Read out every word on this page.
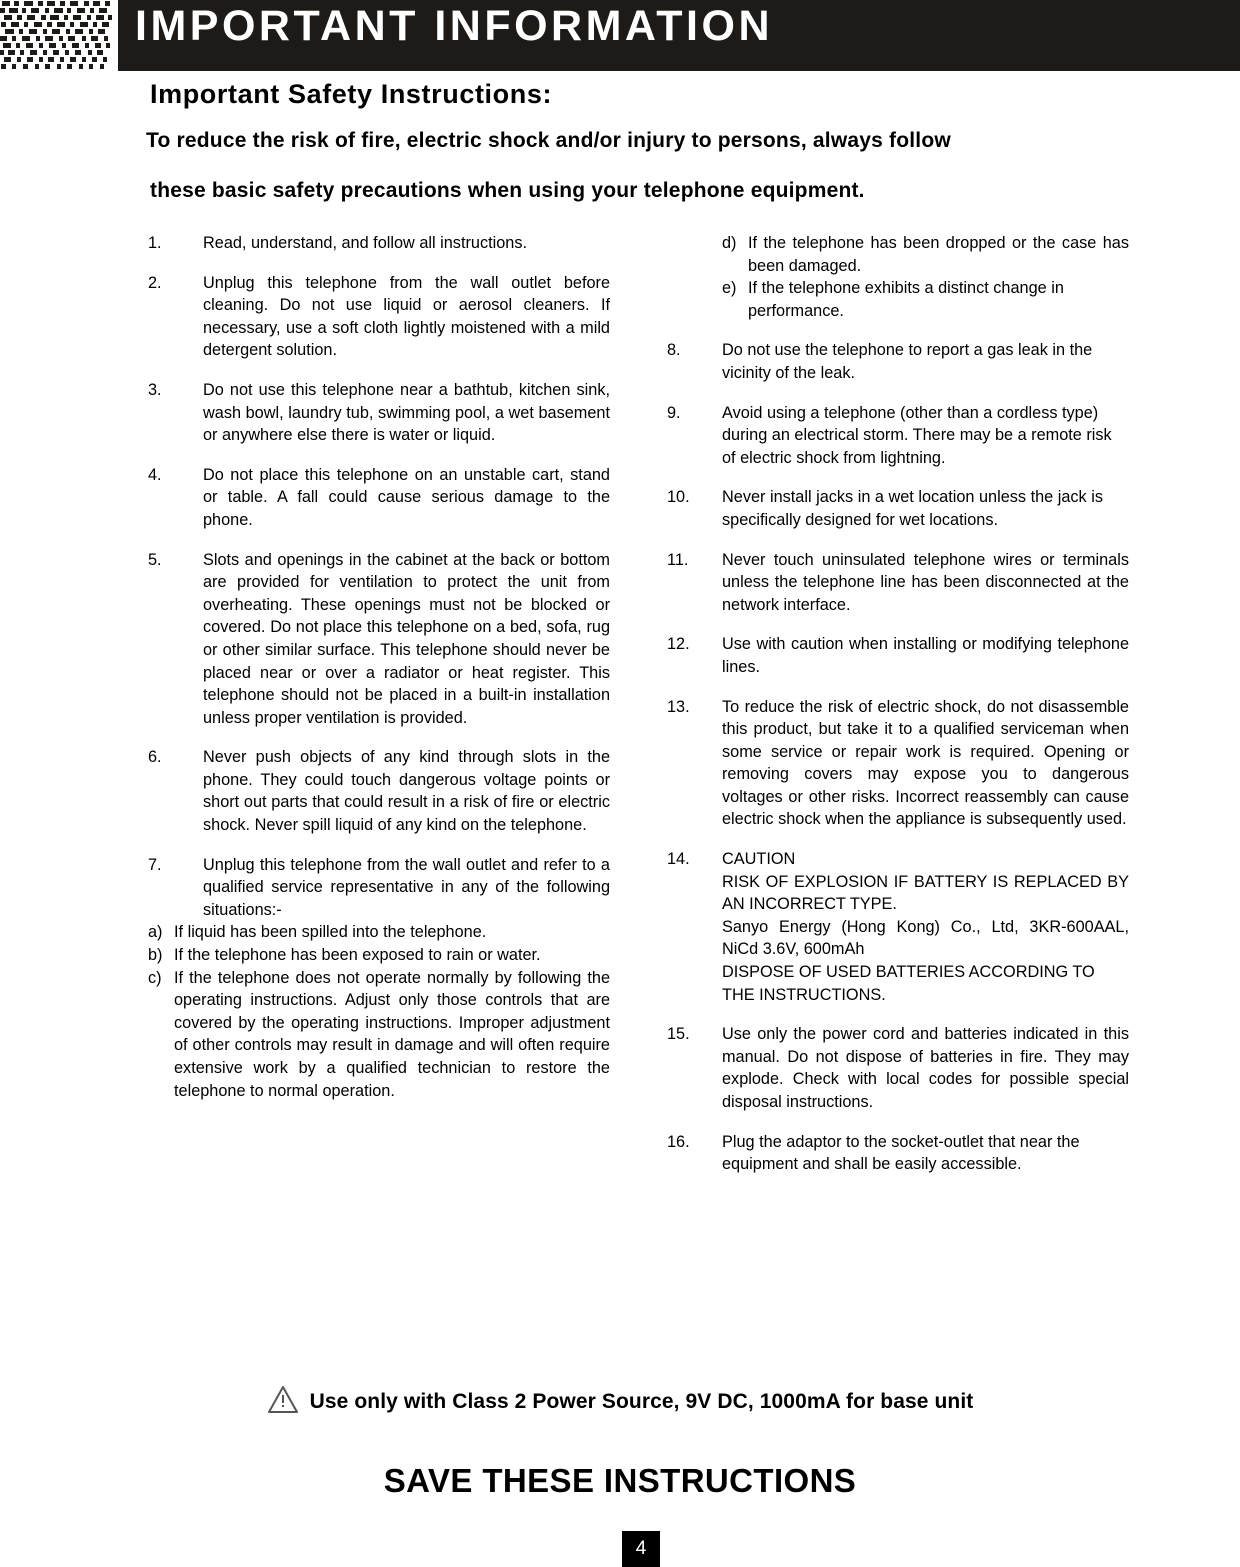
IMPORTANT INFORMATION
Important Safety Instructions:
To reduce the risk of fire, electric shock and/or injury to persons, always follow
these basic safety precautions when using your telephone equipment.
1.	Read, understand, and follow all instructions.
2.	Unplug this telephone from the wall outlet before cleaning. Do not use liquid or aerosol cleaners. If necessary, use a soft cloth lightly moistened with a mild detergent solution.
3.	Do not use this telephone near a bathtub, kitchen sink, wash bowl, laundry tub, swimming pool, a wet basement or anywhere else there is water or liquid.
4.	Do not place this telephone on an unstable cart, stand or table. A fall could cause serious damage to the phone.
5.	Slots and openings in the cabinet at the back or bottom are provided for ventilation to protect the unit from overheating. These openings must not be blocked or covered. Do not place this telephone on a bed, sofa, rug or other similar surface. This telephone should never be placed near or over a radiator or heat register. This telephone should not be placed in a built-in installation unless proper ventilation is provided.
6.	Never push objects of any kind through slots in the phone. They could touch dangerous voltage points or short out parts that could result in a risk of fire or electric shock. Never spill liquid of any kind on the telephone.
7.	Unplug this telephone from the wall outlet and refer to a qualified service representative in any of the following situations:-
a) If liquid has been spilled into the telephone.
b) If the telephone has been exposed to rain or water.
c) If the telephone does not operate normally by following the operating instructions. Adjust only those controls that are covered by the operating instructions. Improper adjustment of other controls may result in damage and will often require extensive work by a qualified technician to restore the telephone to normal operation.
d) If the telephone has been dropped or the case has been damaged.
e) If the telephone exhibits a distinct change in performance.
8.	Do not use the telephone to report a gas leak in the vicinity of the leak.
9.	Avoid using a telephone (other than a cordless type) during an electrical storm. There may be a remote risk of electric shock from lightning.
10.	Never install jacks in a wet location unless the jack is specifically designed for wet locations.
11.	Never touch uninsulated telephone wires or terminals unless the telephone line has been disconnected at the network interface.
12.	Use with caution when installing or modifying telephone lines.
13.	To reduce the risk of electric shock, do not disassemble this product, but take it to a qualified serviceman when some service or repair work is required. Opening or removing covers may expose you to dangerous voltages or other risks. Incorrect reassembly can cause electric shock when the appliance is subsequently used.
14.	CAUTION
RISK OF EXPLOSION IF BATTERY IS REPLACED BY AN INCORRECT TYPE.
Sanyo Energy (Hong Kong) Co., Ltd, 3KR-600AAL, NiCd 3.6V, 600mAh
DISPOSE OF USED BATTERIES ACCORDING TO THE INSTRUCTIONS.
15.	Use only the power cord and batteries indicated in this manual. Do not dispose of batteries in fire. They may explode. Check with local codes for possible special disposal instructions.
16.	Plug the adaptor to the socket-outlet that near the equipment and shall be easily accessible.
Use only with Class 2 Power Source, 9V DC, 1000mA for base unit
SAVE THESE INSTRUCTIONS
4
